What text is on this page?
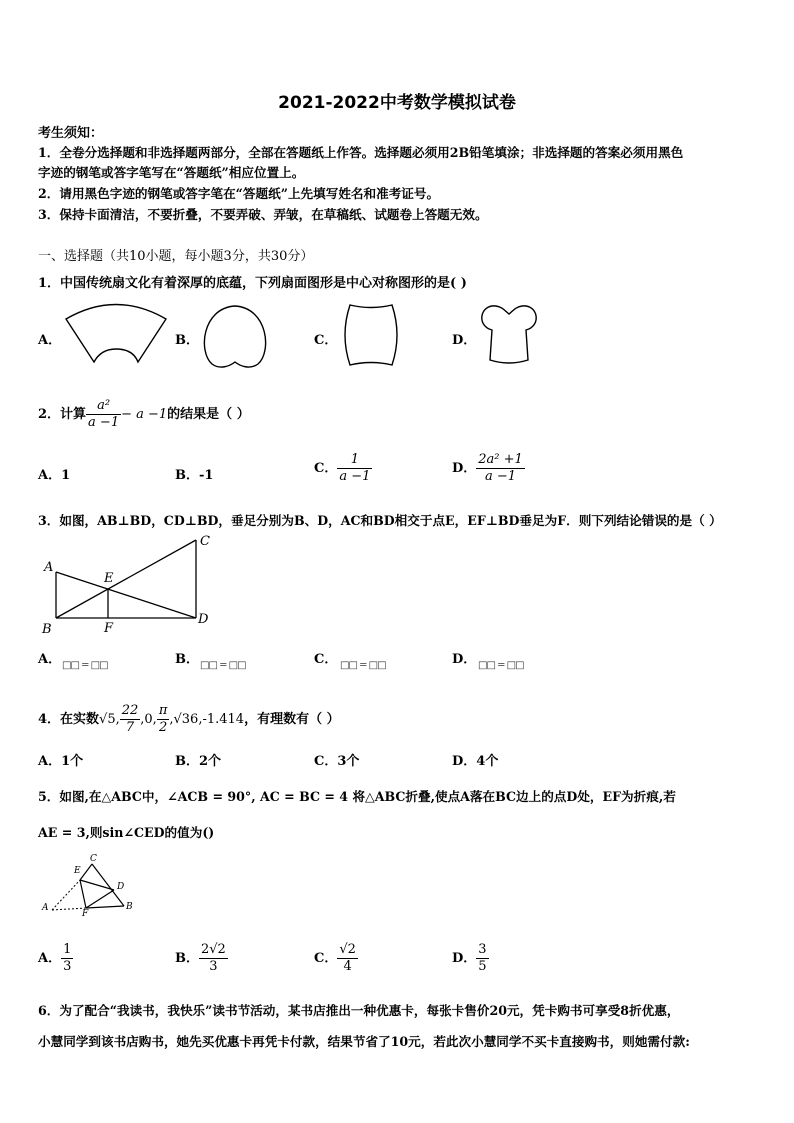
2021-2022中考数学模拟试卷
考生须知：
1．全卷分选择题和非选择题两部分，全部在答题纸上作答。选择题必须用2B铅笔填涂；非选择题的答案必须用黑色
字迹的钢笔或答字笔写在“答题纸”相应位置上。
2．请用黑色字迹的钢笔或答字笔在“答题纸”上先填写姓名和准考证号。
3．保持卡面清洁，不要折叠，不要弄破、弄皱，在草稿纸、试题卷上答题无效。
一、选择题（共10小题，每小题3分，共30分）
1．中国传统扇文化有着深厚的底蕴，下列扇面图形是中心对称图形的是( )
A．	B．	C．	D．
2．计算 $\frac{\text{a²}}{a -1} - a -1$的结果是（ ）
A．1	B．-1	C． $\frac{1}{a -1}$	D． $\frac{\text{2a² +1}}{a -1}$
3．如图，AB⊥BD，CD⊥BD，垂足分别为B、D，AC和BD相交于点E，EF⊥BD垂足为F．则下列结论错误的是（ ）
A
B
C
D
E
F
A． □□ = □□	B． □□ = □□	C． □□ = □□	D． □□ = □□
4．在实数√5, $\frac{22}{7} ,0$, $\frac{\pi}{2} ,√36,-1.414$，有理数有（ ）
A．1个	B．2个	C．3个	D．4个
5．如图,在△ABC中，∠ACB = 90°, AC = BC = 4 将△ABC折叠,使点A落在BC边上的点D处，EF为折痕,若
AE = 3,则sin∠CED的值为()
A	B
C
D
E
F
A． $\frac{1}{3}$	B． $\frac{2√2}{3}$	C． $\frac{√2}{4}$	D． $\frac{3}{5}$
6．为了配合“我读书，我快乐”读书节活动，某书店推出一种优惠卡，每张卡售价20元，凭卡购书可享受8折优惠，
小慧同学到该书店购书，她先买优惠卡再凭卡付款，结果节省了10元，若此次小慧同学不买卡直接购书，则她需付款:
